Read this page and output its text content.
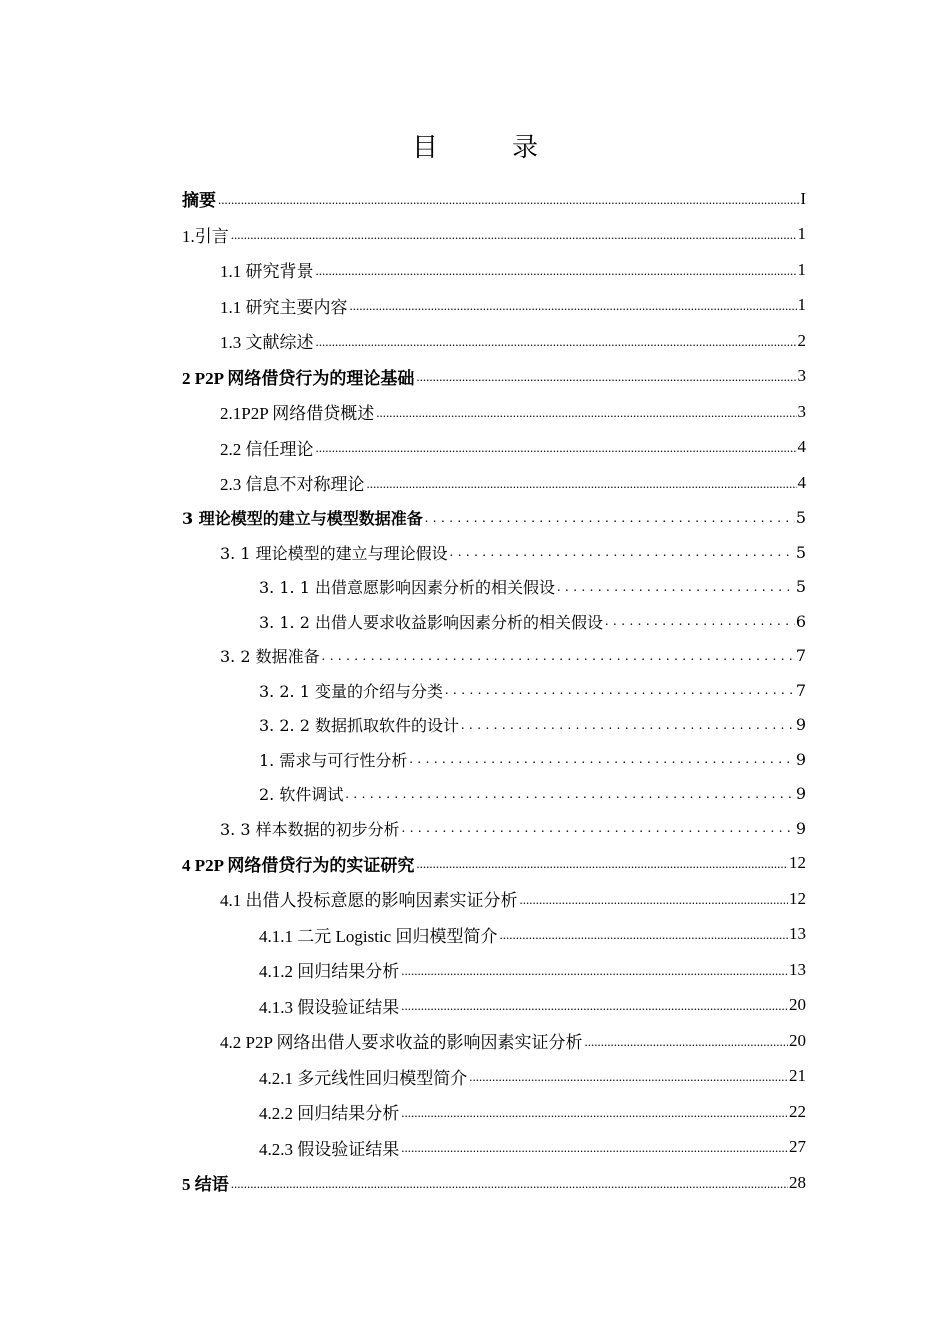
目　录
摘要 .....	I
1.引言 .....	1
1.1 研究背景 .....	1
1.1 研究主要内容 .....	1
1.3 文献综述 .....	2
2 P2P 网络借贷行为的理论基础 .....	3
2.1P2P 网络借贷概述 .....	3
2.2 信任理论 .....	4
2.3 信息不对称理论 .....	4
3 理论模型的建立与模型数据准备 . . .	5
3. 1 理论模型的建立与理论假设 . . .	5
3. 1. 1 出借意愿影响因素分析的相关假设 . . .	5
3. 1. 2 出借人要求收益影响因素分析的相关假设 . . .	6
3. 2 数据准备 . . .	7
3. 2. 1 变量的介绍与分类 . . .	7
3. 2. 2 数据抓取软件的设计 . . .	9
1. 需求与可行性分析 . . .	9
2. 软件调试 . . .	9
3. 3 样本数据的初步分析 . . .	9
4 P2P 网络借贷行为的实证研究 .....	12
4.1 出借人投标意愿的影响因素实证分析 .....	12
4.1.1 二元 Logistic 回归模型简介 .....	13
4.1.2 回归结果分析 .....	13
4.1.3 假设验证结果 .....	20
4.2 P2P 网络出借人要求收益的影响因素实证分析 .....	20
4.2.1 多元线性回归模型简介 .....	21
4.2.2 回归结果分析 .....	22
4.2.3 假设验证结果 .....	27
5 结语 .....	28
